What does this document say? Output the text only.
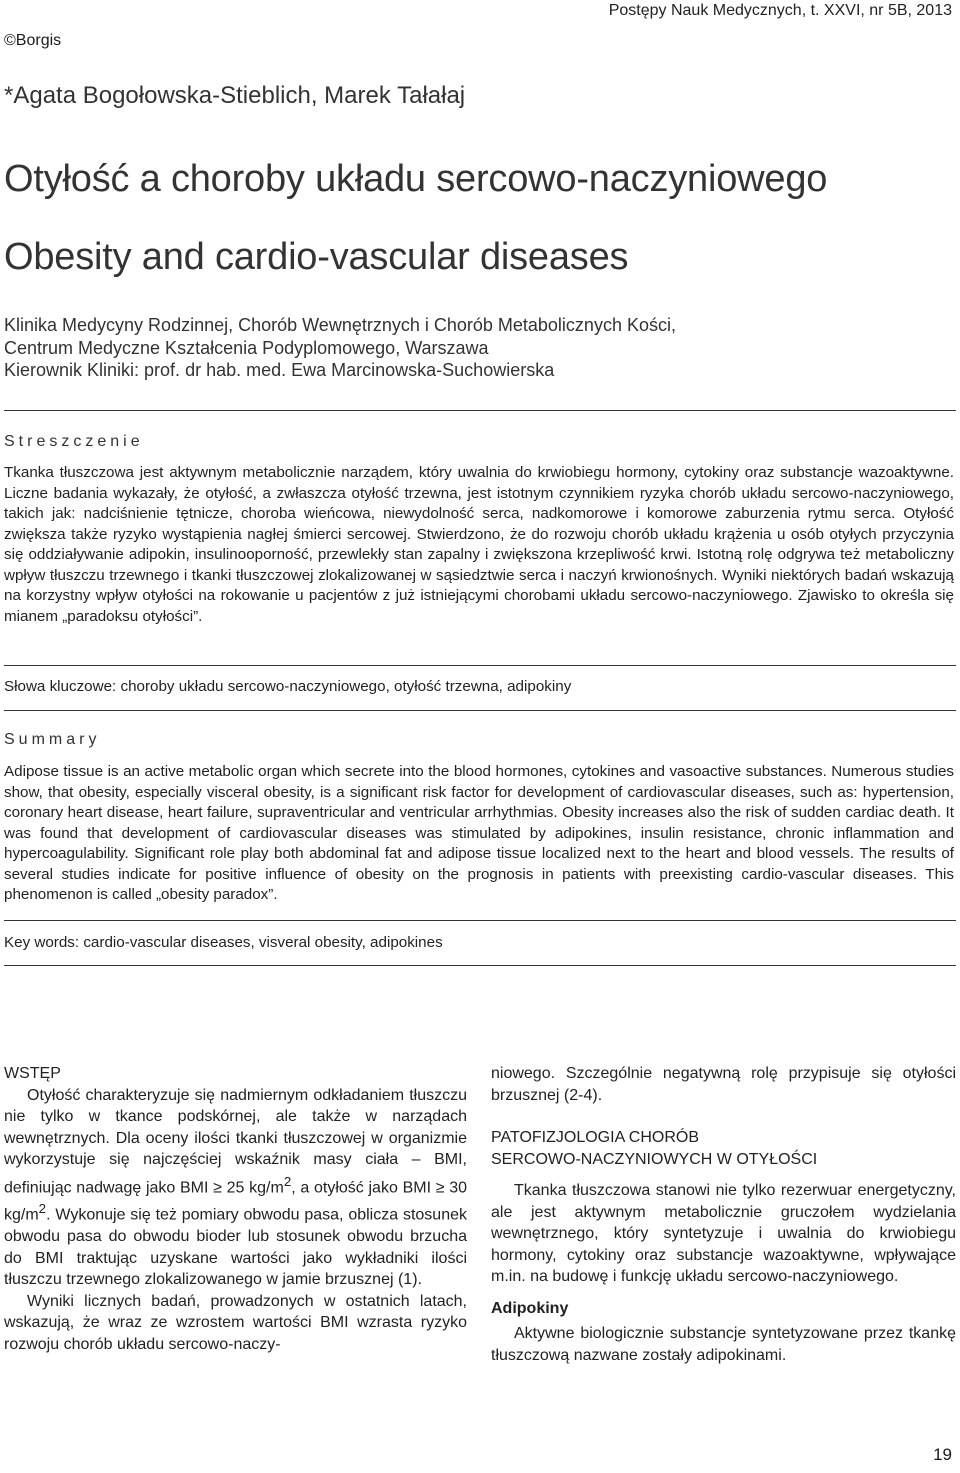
Postępy Nauk Medycznych, t. XXVI, nr 5B, 2013
©Borgis
*Agata Bogołowska-Stieblich, Marek Tałałaj
Otyłość a choroby układu sercowo-naczyniowego
Obesity and cardio-vascular diseases
Klinika Medycyny Rodzinnej, Chorób Wewnętrznych i Chorób Metabolicznych Kości,
Centrum Medyczne Kształcenia Podyplomowego, Warszawa
Kierownik Kliniki: prof. dr hab. med. Ewa Marcinowska-Suchowierska
Streszczenie
Tkanka tłuszczowa jest aktywnym metabolicznie narządem, który uwalnia do krwiobiegu hormony, cytokiny oraz substancje wazoaktywne. Liczne badania wykazały, że otyłość, a zwłaszcza otyłość trzewna, jest istotnym czynnikiem ryzyka chorób układu sercowo-naczyniowego, takich jak: nadciśnienie tętnicze, choroba wieńcowa, niewydolność serca, nadkomorowe i komorowe zaburzenia rytmu serca. Otyłość zwiększa także ryzyko wystąpienia nagłej śmierci sercowej. Stwierdzono, że do rozwoju chorób układu krążenia u osób otyłych przyczynia się oddziaływanie adipokin, insulinooporność, przewlekły stan zapalny i zwiększona krzepliwość krwi. Istotną rolę odgrywa też metaboliczny wpływ tłuszczu trzewnego i tkanki tłuszczowej zlokalizowanej w sąsiedztwie serca i naczyń krwionośnych. Wyniki niektórych badań wskazują na korzystny wpływ otyłości na rokowanie u pacjentów z już istniejącymi chorobami układu sercowo-naczyniowego. Zjawisko to określa się mianem „paradoksu otyłości”.
Słowa kluczowe: choroby układu sercowo-naczyniowego, otyłość trzewna, adipokiny
Summary
Adipose tissue is an active metabolic organ which secrete into the blood hormones, cytokines and vasoactive substances. Numerous studies show, that obesity, especially visceral obesity, is a significant risk factor for development of cardiovascular diseases, such as: hypertension, coronary heart disease, heart failure, supraventricular and ventricular arrhythmias. Obesity increases also the risk of sudden cardiac death. It was found that development of cardiovascular diseases was stimulated by adipokines, insulin resistance, chronic inflammation and hypercoagulability. Significant role play both abdominal fat and adipose tissue localized next to the heart and blood vessels. The results of several studies indicate for positive influence of obesity on the prognosis in patients with preexisting cardio-vascular diseases. This phenomenon is called „obesity paradox”.
Key words: cardio-vascular diseases, visveral obesity, adipokines
WSTĘP

Otyłość charakteryzuje się nadmiernym odkładaniem tłuszczu nie tylko w tkance podskórnej, ale także w narządach wewnętrznych. Dla oceny ilości tkanki tłuszczowej w organizmie wykorzystuje się najczęściej wskaźnik masy ciała – BMI, definiując nadwagę jako BMI ≥ 25 $kg/m^2$, a otyłość jako BMI ≥ 30 $kg/m^2$. Wykonuje się też pomiary obwodu pasa, oblicza stosunek obwodu pasa do obwodu bioder lub stosunek obwodu brzucha do BMI traktując uzyskane wartości jako wykładniki ilości tłuszczu trzewnego zlokalizowanego w jamie brzusznej (1).

Wyniki licznych badań, prowadzonych w ostatnich latach, wskazują, że wraz ze wzrostem wartości BMI wzrasta ryzyko rozwoju chorób układu sercowo-naczy-

niowego. Szczególnie negatywną rolę przypisuje się otyłości brzusznej (2-4).

PATOFIZJOLOGIA CHORÓB
SERCOWO-NACZYNIOWYCH W OTYŁOŚCI

Tkanka tłuszczowa stanowi nie tylko rezerwuar energetyczny, ale jest aktywnym metabolicznie gruczołem wydzielania wewnętrznego, który syntetyzuje i uwalnia do krwiobiegu hormony, cytokiny oraz substancje wazoaktywne, wpływające m.in. na budowę i funkcję układu sercowo-naczyniowego.

Adipokiny

Aktywne biologicznie substancje syntetyzowane przez tkankę tłuszczową nazwane zostały adipokinami.

19
